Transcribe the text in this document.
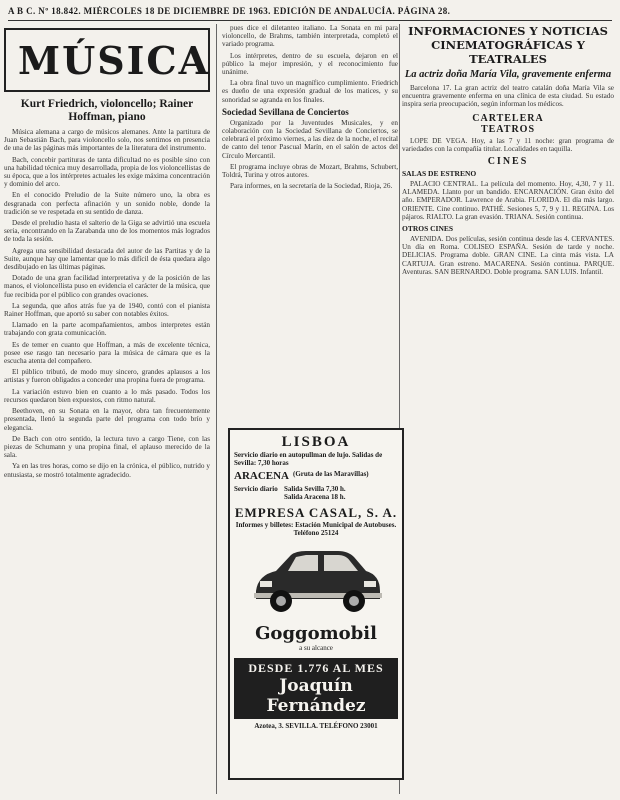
A B C. Nº 18.842. MIÉRCOLES 18 DE DICIEMBRE DE 1963. EDICIÓN DE ANDALUCÍA. PÁGINA 28.
MÚSICA
Kurt Friedrich, violoncello; Rainer Hoffman, piano

Música alemana a cargo de músicos alemanes. Ante la partitura de Juan Sebastián Bach, para violoncello solo, nos sentimos en presencia de una de las páginas más importantes de la literatura del instrumento.

Bach, concebir partituras de tanta dificultad no es posible sino con una habilidad técnica muy desarrollada, propia de los violoncellistas de su época, que a los intérpretes actuales les exige máxima concentración y dominio del arco.

En el conocido Preludio de la Suite número uno, la obra es desgranada con perfecta afinación y un sonido noble, donde la tradición se ve respetada en su sentido de danza.

Desde el preludio hasta el salterio de la Giga se advirtió una escuela seria, encontrando en la Zarabanda uno de los momentos más logrados de toda la sesión.

Agrega una sensibilidad destacada del autor de las Partitas y de la Suite, aunque hay que lamentar que lo más difícil de ésta quedara algo desdibujado en las últimas páginas.

Dotado de una gran facilidad interpretativa y de la posición de las manos, el violoncellista puso en evidencia el carácter de la música, que fue recibida por el público con grandes ovaciones.

La segunda, que años atrás fue ya de 1940, contó con el pianista Rainer Hoffman, que aportó su saber con notables éxitos.

Llamado en la parte acompañamientos, ambos interpretes están trabajando con grata comunicación.

Es de temer en cuanto que Hoffman, a más de excelente técnica, posee ese rasgo tan necesario para la música de cámara que es la escucha atenta del compañero.

El público tributó, de modo muy sincero, grandes aplausos a los artistas y fueron obligados a conceder una propina fuera de programa.

La variación estuvo bien en cuanto a lo más pasado. Todos los recursos quedaron bien expuestos, con ritmo natural.

Beethoven, en su Sonata en la mayor, obra tan frecuentemente presentada, llenó la segunda parte del programa con todo brío y elegancia.

De Bach con otro sentido, la lectura tuvo a cargo Tiene, con las piezas de Schumann y una propina final, el aplauso merecido de la sala.

Ya en las tres horas, como se dijo en la crónica, el público, nutrido y entusiasta, se mostró totalmente agradecido.

pues dice el diletanteo italiano. La Sonata en mi para violoncello, de Brahms, también interpretada, completó el variado programa.

Los intérpretes, dentro de su escuela, dejaron en el público la mejor impresión, y el reconocimiento fue unánime.

La obra final tuvo un magnífico cumplimiento. Friedrich es dueño de una expresión gradual de los matices, y su sonoridad se agranda en los finales.

Sociedad Sevillana de Conciertos

Organizado por la Juventudes Musicales, y en colaboración con la Sociedad Sevillana de Conciertos, se celebrará el próximo viernes, a las diez de la noche, el recital de canto del tenor Pascual Marín, en el salón de actos del Círculo Mercantil.

El programa incluye obras de Mozart, Brahms, Schubert, Toldrá, Turina y otros autores.

Para informes, en la secretaría de la Sociedad, Rioja, 26.

LISBOA
Servicio diario en autopullman de lujo. Salidas de Sevilla: 7,30 horas
ARACENA (Gruta de las Maravillas)
Servicio diario Salida Sevilla 7,30 h.
Salida Aracena 18 h.
EMPRESA CASAL, S. A.
Informes y billetes: Estación Municipal de Autobuses. Teléfono 25124
Goggomobil
a su alcance
DESDE 1.776 AL MES
Joaquín Fernández
Azotea, 3. SEVILLA. TELÉFONO 23001
INFORMACIONES Y NOTICIAS
CINEMATOGRÁFICAS Y
TEATRALES
La actriz doña María Vila, gravemente enferma

Barcelona 17. La gran actriz del teatro catalán doña María Vila se encuentra gravemente enferma en una clínica de esta ciudad. Su estado inspira seria preocupación, según informan los médicos.

CARTELERA
TEATROS

LOPE DE VEGA. Hoy, a las 7 y 11 noche: gran programa de variedades con la compañía titular. Localidades en taquilla.

CINES
SALAS DE ESTRENO

PALACIO CENTRAL. La película del momento. Hoy, 4,30, 7 y 11. ALAMEDA. Llanto por un bandido. ENCARNACIÓN. Gran éxito del año. EMPERADOR. Lawrence de Arabia. FLORIDA. El día más largo. ORIENTE. Cine continuo. PATHÉ. Sesiones 5, 7, 9 y 11. REGINA. Los pájaros. RIALTO. La gran evasión. TRIANA. Sesión continua.

OTROS CINES

AVENIDA. Dos películas, sesión continua desde las 4. CERVANTES. Un día en Roma. COLISEO ESPAÑA. Sesión de tarde y noche. DELICIAS. Programa doble. GRAN CINE. La cinta más vista. LA CARTUJA. Gran estreno. MACARENA. Sesión continua. PARQUE. Aventuras. SAN BERNARDO. Doble programa. SAN LUIS. Infantil.
